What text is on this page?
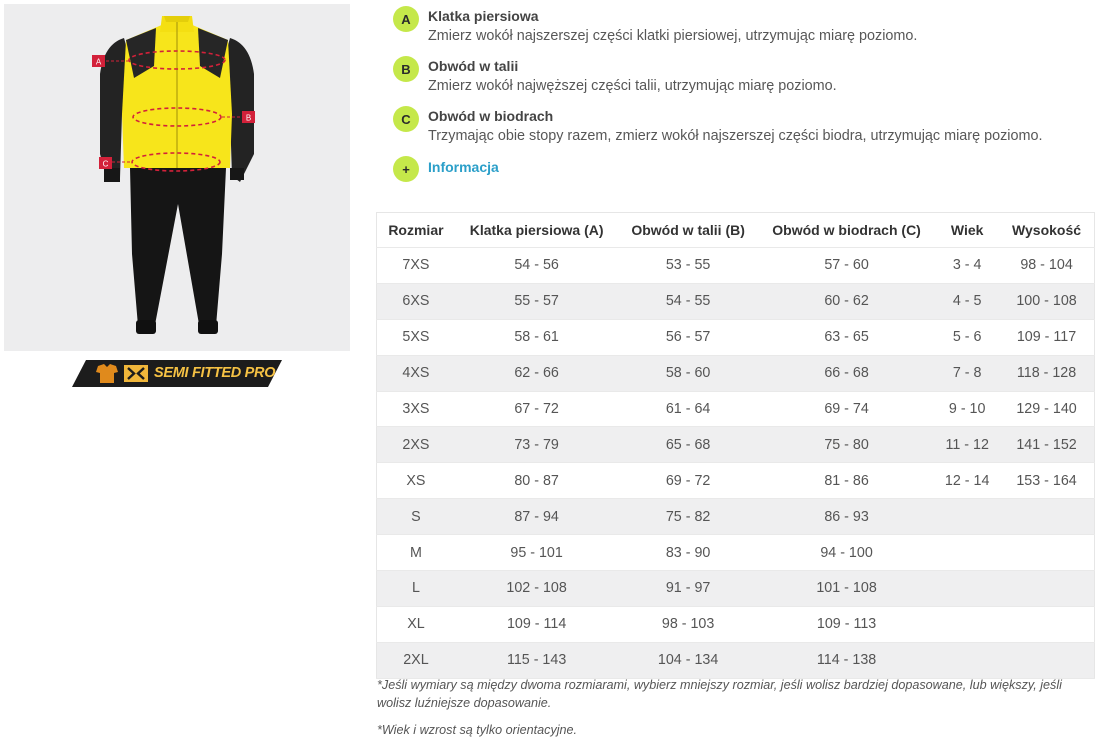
A
B
C
SEMI FITTED PRO
A	Klatka piersiowa
Zmierz wokół najszerszej części klatki piersiowej, utrzymując miarę poziomo.
B	Obwód w talii
Zmierz wokół najwęższej części talii, utrzymując miarę poziomo.
C	Obwód w biodrach
Trzymając obie stopy razem, zmierz wokół najszerszej części biodra, utrzymując miarę poziomo.
+	Informacja
Rozmiar	Klatka piersiowa (A)	Obwód w talii (B)	Obwód w biodrach (C)	Wiek	Wysokość
7XS	54 - 56	53 - 55	57 - 60	3 - 4	98 - 104
6XS	55 - 57	54 - 55	60 - 62	4 - 5	100 - 108
5XS	58 - 61	56 - 57	63 - 65	5 - 6	109 - 117
4XS	62 - 66	58 - 60	66 - 68	7 - 8	118 - 128
3XS	67 - 72	61 - 64	69 - 74	9 - 10	129 - 140
2XS	73 - 79	65 - 68	75 - 80	11 - 12	141 - 152
XS	80 - 87	69 - 72	81 - 86	12 - 14	153 - 164
S	87 - 94	75 - 82	86 - 93		
M	95 - 101	83 - 90	94 - 100		
L	102 - 108	91 - 97	101 - 108		
XL	109 - 114	98 - 103	109 - 113		
2XL	115 - 143	104 - 134	114 - 138		
*Jeśli wymiary są między dwoma rozmiarami, wybierz mniejszy rozmiar, jeśli wolisz bardziej dopasowane, lub większy, jeśli wolisz luźniejsze dopasowanie.
*Wiek i wzrost są tylko orientacyjne.
